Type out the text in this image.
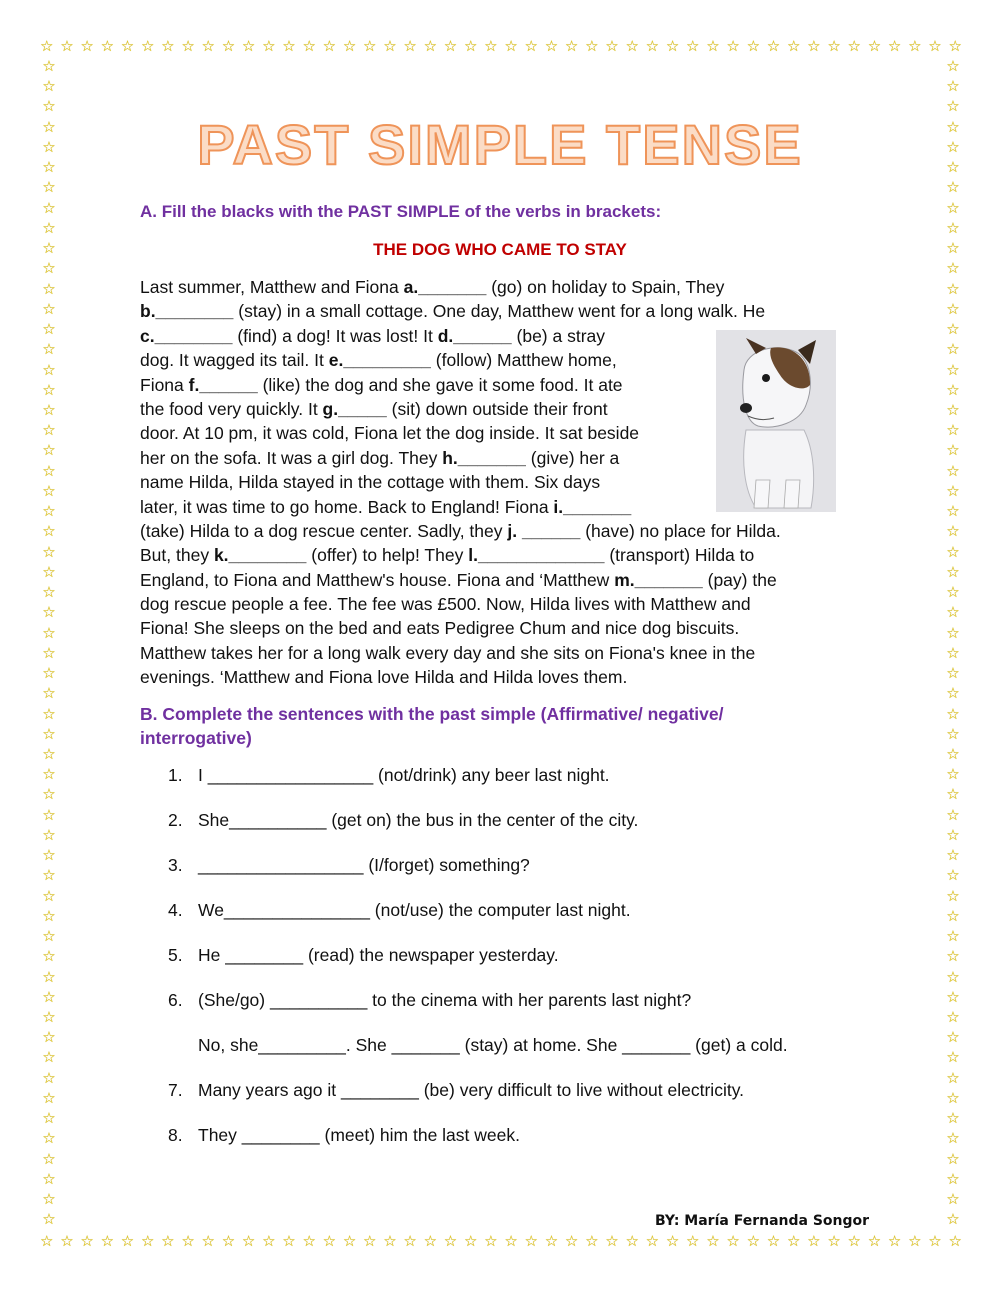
☆ ☆ ☆ ☆ ☆ ☆ ☆ ☆ ☆ ☆ ☆ ☆ ☆ ☆ ☆ ☆ ☆ ☆ ☆ ☆ ☆ ☆ ☆ ☆ ☆ ☆ ☆ ☆ ☆ ☆ ☆ ☆ ☆ ☆ ☆ ☆ ☆ ☆ ☆ ☆ ☆ ☆ ☆ ☆ ☆ ☆
☆ ☆ ☆ ☆ ☆ ☆ ☆ ☆ ☆ ☆ ☆ ☆ ☆ ☆ ☆ ☆ ☆ ☆ ☆ ☆ ☆ ☆ ☆ ☆ ☆ ☆ ☆ ☆ ☆ ☆ ☆ ☆ ☆ ☆ ☆ ☆ ☆ ☆ ☆ ☆ ☆ ☆ ☆ ☆ ☆ ☆
☆
☆
☆
☆
☆
☆
☆
☆
☆
☆
☆
☆
☆
☆
☆
☆
☆
☆
☆
☆
☆
☆
☆
☆
☆
☆
☆
☆
☆
☆
☆
☆
☆
☆
☆
☆
☆
☆
☆
☆
☆
☆
☆
☆
☆
☆
☆
☆
☆
☆
☆
☆
☆
☆
☆
☆
☆
☆
☆
☆
☆
☆
☆
☆
☆
☆
☆
☆
☆
☆
☆
☆
☆
☆
☆
☆
☆
☆
☆
☆
☆
☆
☆
☆
☆
☆
☆
☆
☆
☆
☆
☆
☆
☆
☆
☆
☆
☆
☆
☆
☆
☆
☆
☆
☆
☆
☆
☆
☆
☆
☆
☆
☆
☆
☆
☆
PAST SIMPLE TENSE
A. Fill the blacks with the PAST SIMPLE of the verbs in brackets:
THE DOG WHO CAME TO STAY
Last summer, Matthew and Fiona a._______ (go) on holiday to Spain, They
b.________ (stay) in a small cottage. One day, Matthew went for a long walk. He
c.________ (find) a dog! It was lost! It d.______ (be) a stray
dog. It wagged its tail. It e._________ (follow) Matthew home,
Fiona f.______ (like) the dog and she gave it some food. It ate
the food very quickly. It g._____ (sit) down outside their front
door. At 10 pm, it was cold, Fiona let the dog inside. It sat beside
her on the sofa. It was a girl dog. They h._______ (give) her a
name Hilda, Hilda stayed in the cottage with them. Six days
later, it was time to go home. Back to England! Fiona i._______
(take) Hilda to a dog rescue center. Sadly, they j. ______ (have) no place for Hilda.
But, they k.________ (offer) to help! They l._____________ (transport) Hilda to
England, to Fiona and Matthew's house. Fiona and ‘Matthew m._______ (pay) the
dog rescue people a fee. The fee was £500. Now, Hilda lives with Matthew and
Fiona! She sleeps on the bed and eats Pedigree Chum and nice dog biscuits.
Matthew takes her for a long walk every day and she sits on Fiona's knee in the
evenings. ‘Matthew and Fiona love Hilda and Hilda loves them.
B. Complete the sentences with the past simple (Affirmative/ negative/
interrogative)
1. I _________________ (not/drink) any beer last night.
2. She__________ (get on) the bus in the center of the city.
3. _________________ (I/forget) something?
4. We_______________ (not/use) the computer last night.
5. He ________ (read) the newspaper yesterday.
6. (She/go) __________ to the cinema with her parents last night?
No, she_________. She _______ (stay) at home. She _______ (get) a cold.
7. Many years ago it ________ (be) very difficult to live without electricity.
8. They ________ (meet) him the last week.
BY: María Fernanda Songor
